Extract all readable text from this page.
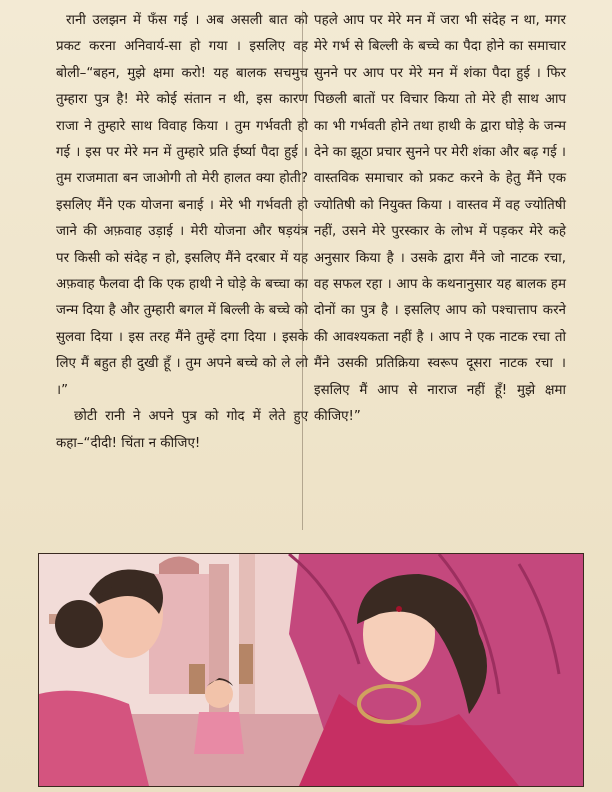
रानी उलझन में फँस गई । अब असली बात को प्रकट करना अनिवार्य-सा हो गया । इसलिए वह बोली–“बहन, मुझे क्षमा करो! यह बालक सचमुच तुम्हारा पुत्र है! मेरे कोई संतान न थी, इस कारण राजा ने तुम्हारे साथ विवाह किया । तुम गर्भवती हो गई । इस पर मेरे मन में तुम्हारे प्रति ईर्ष्या पैदा हुई । तुम राजमाता बन जाओगी तो मेरी हालत क्या होती? इसलिए मैंने एक योजना बनाई । मेरे भी गर्भवती हो जाने की अफ़वाह उड़ाई । मेरी योजना और षड़यंत्र पर किसी को संदेह न हो, इसलिए मैंने दरबार में यह अफ़वाह फैलवा दी कि एक हाथी ने घोड़े के बच्चा का जन्म दिया है और तुम्हारी बगल में बिल्ली के बच्चे को सुलवा दिया । इस तरह मैंने तुम्हें दगा दिया । इसके लिए मैं बहुत ही दुखी हूँ । तुम अपने बच्चे को ले लो ।”

छोटी रानी ने अपने पुत्र को गोद में लेते हुए कहा–“दीदी! चिंता न कीजिए!

पहले आप पर मेरे मन में जरा भी संदेह न था, मगर मेरे गर्भ से बिल्ली के बच्चे का पैदा होने का समाचार सुनने पर आप पर मेरे मन में शंका पैदा हुई । फिर पिछली बातों पर विचार किया तो मेरे ही साथ आप का भी गर्भवती होने तथा हाथी के द्वारा घोड़े के जन्म देने का झूठा प्रचार सुनने पर मेरी शंका और बढ़ गई । वास्तविक समाचार को प्रकट करने के हेतु मैंने एक ज्योतिषी को नियुक्त किया । वास्तव में वह ज्योतिषी नहीं, उसने मेरे पुरस्कार के लोभ में पड़कर मेरे कहे अनुसार किया है । उसके द्वारा मैंने जो नाटक रचा, वह सफल रहा । आप के कथनानुसार यह बालक हम दोनों का पुत्र है । इसलिए आप को पश्चात्ताप करने की आवश्यकता नहीं है । आप ने एक नाटक रचा तो मैंने उसकी प्रतिक्रिया स्वरूप दूसरा नाटक रचा । इसलिए मैं आप से नाराज नहीं हूँ! मुझे क्षमा कीजिए!”
